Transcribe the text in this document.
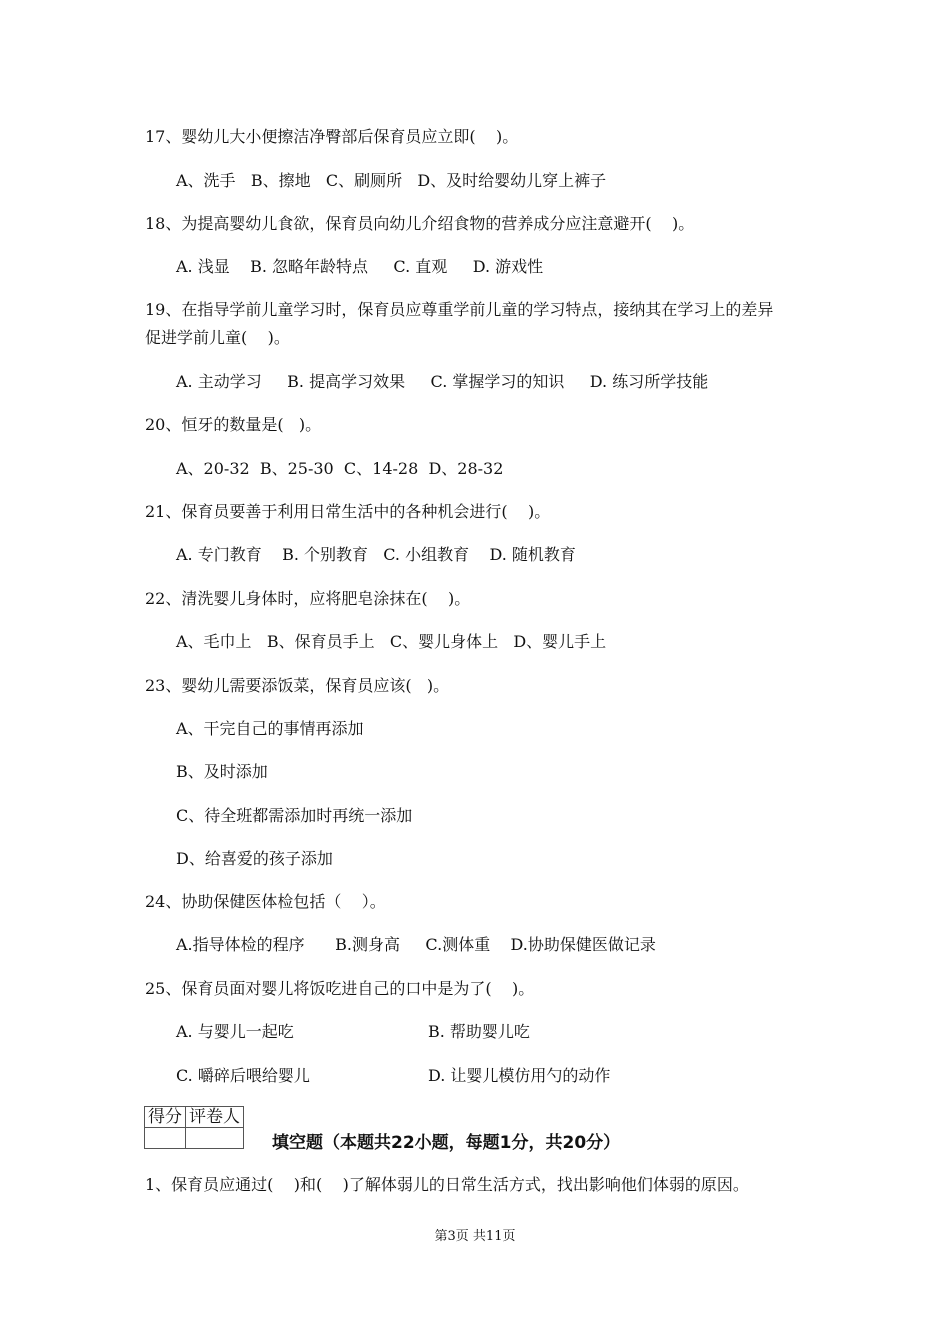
17、婴幼儿大小便擦洁净臀部后保育员应立即(    )。
A、洗手   B、擦地   C、刷厕所   D、及时给婴幼儿穿上裤子
18、为提高婴幼儿食欲，保育员向幼儿介绍食物的营养成分应注意避开(    )。
A. 浅显    B. 忽略年龄特点     C. 直观     D. 游戏性
19、在指导学前儿童学习时，保育员应尊重学前儿童的学习特点，接纳其在学习上的差异
促进学前儿童(    )。
A. 主动学习     B. 提高学习效果     C. 掌握学习的知识     D. 练习所学技能
20、恒牙的数量是(   )。
A、20-32  B、25-30  C、14-28  D、28-32
21、保育员要善于利用日常生活中的各种机会进行(    )。
A. 专门教育    B. 个别教育   C. 小组教育    D. 随机教育
22、清洗婴儿身体时，应将肥皂涂抹在(    )。
A、毛巾上   B、保育员手上   C、婴儿身体上   D、婴儿手上
23、婴幼儿需要添饭菜，保育员应该(   )。
A、干完自己的事情再添加
B、及时添加
C、待全班都需添加时再统一添加
D、给喜爱的孩子添加
24、协助保健医体检包括（    ）。
A.指导体检的程序      B.测身高     C.测体重    D.协助保健医做记录
25、保育员面对婴儿将饭吃进自己的口中是为了(    )。
A. 与婴儿一起吃	B. 帮助婴儿吃
C. 嚼碎后喂给婴儿	D. 让婴儿模仿用勺的动作
得分	评卷人

填空题（本题共22小题，每题1分，共20分）
1、保育员应通过(    )和(    )了解体弱儿的日常生活方式，找出影响他们体弱的原因。
第3页 共11页
